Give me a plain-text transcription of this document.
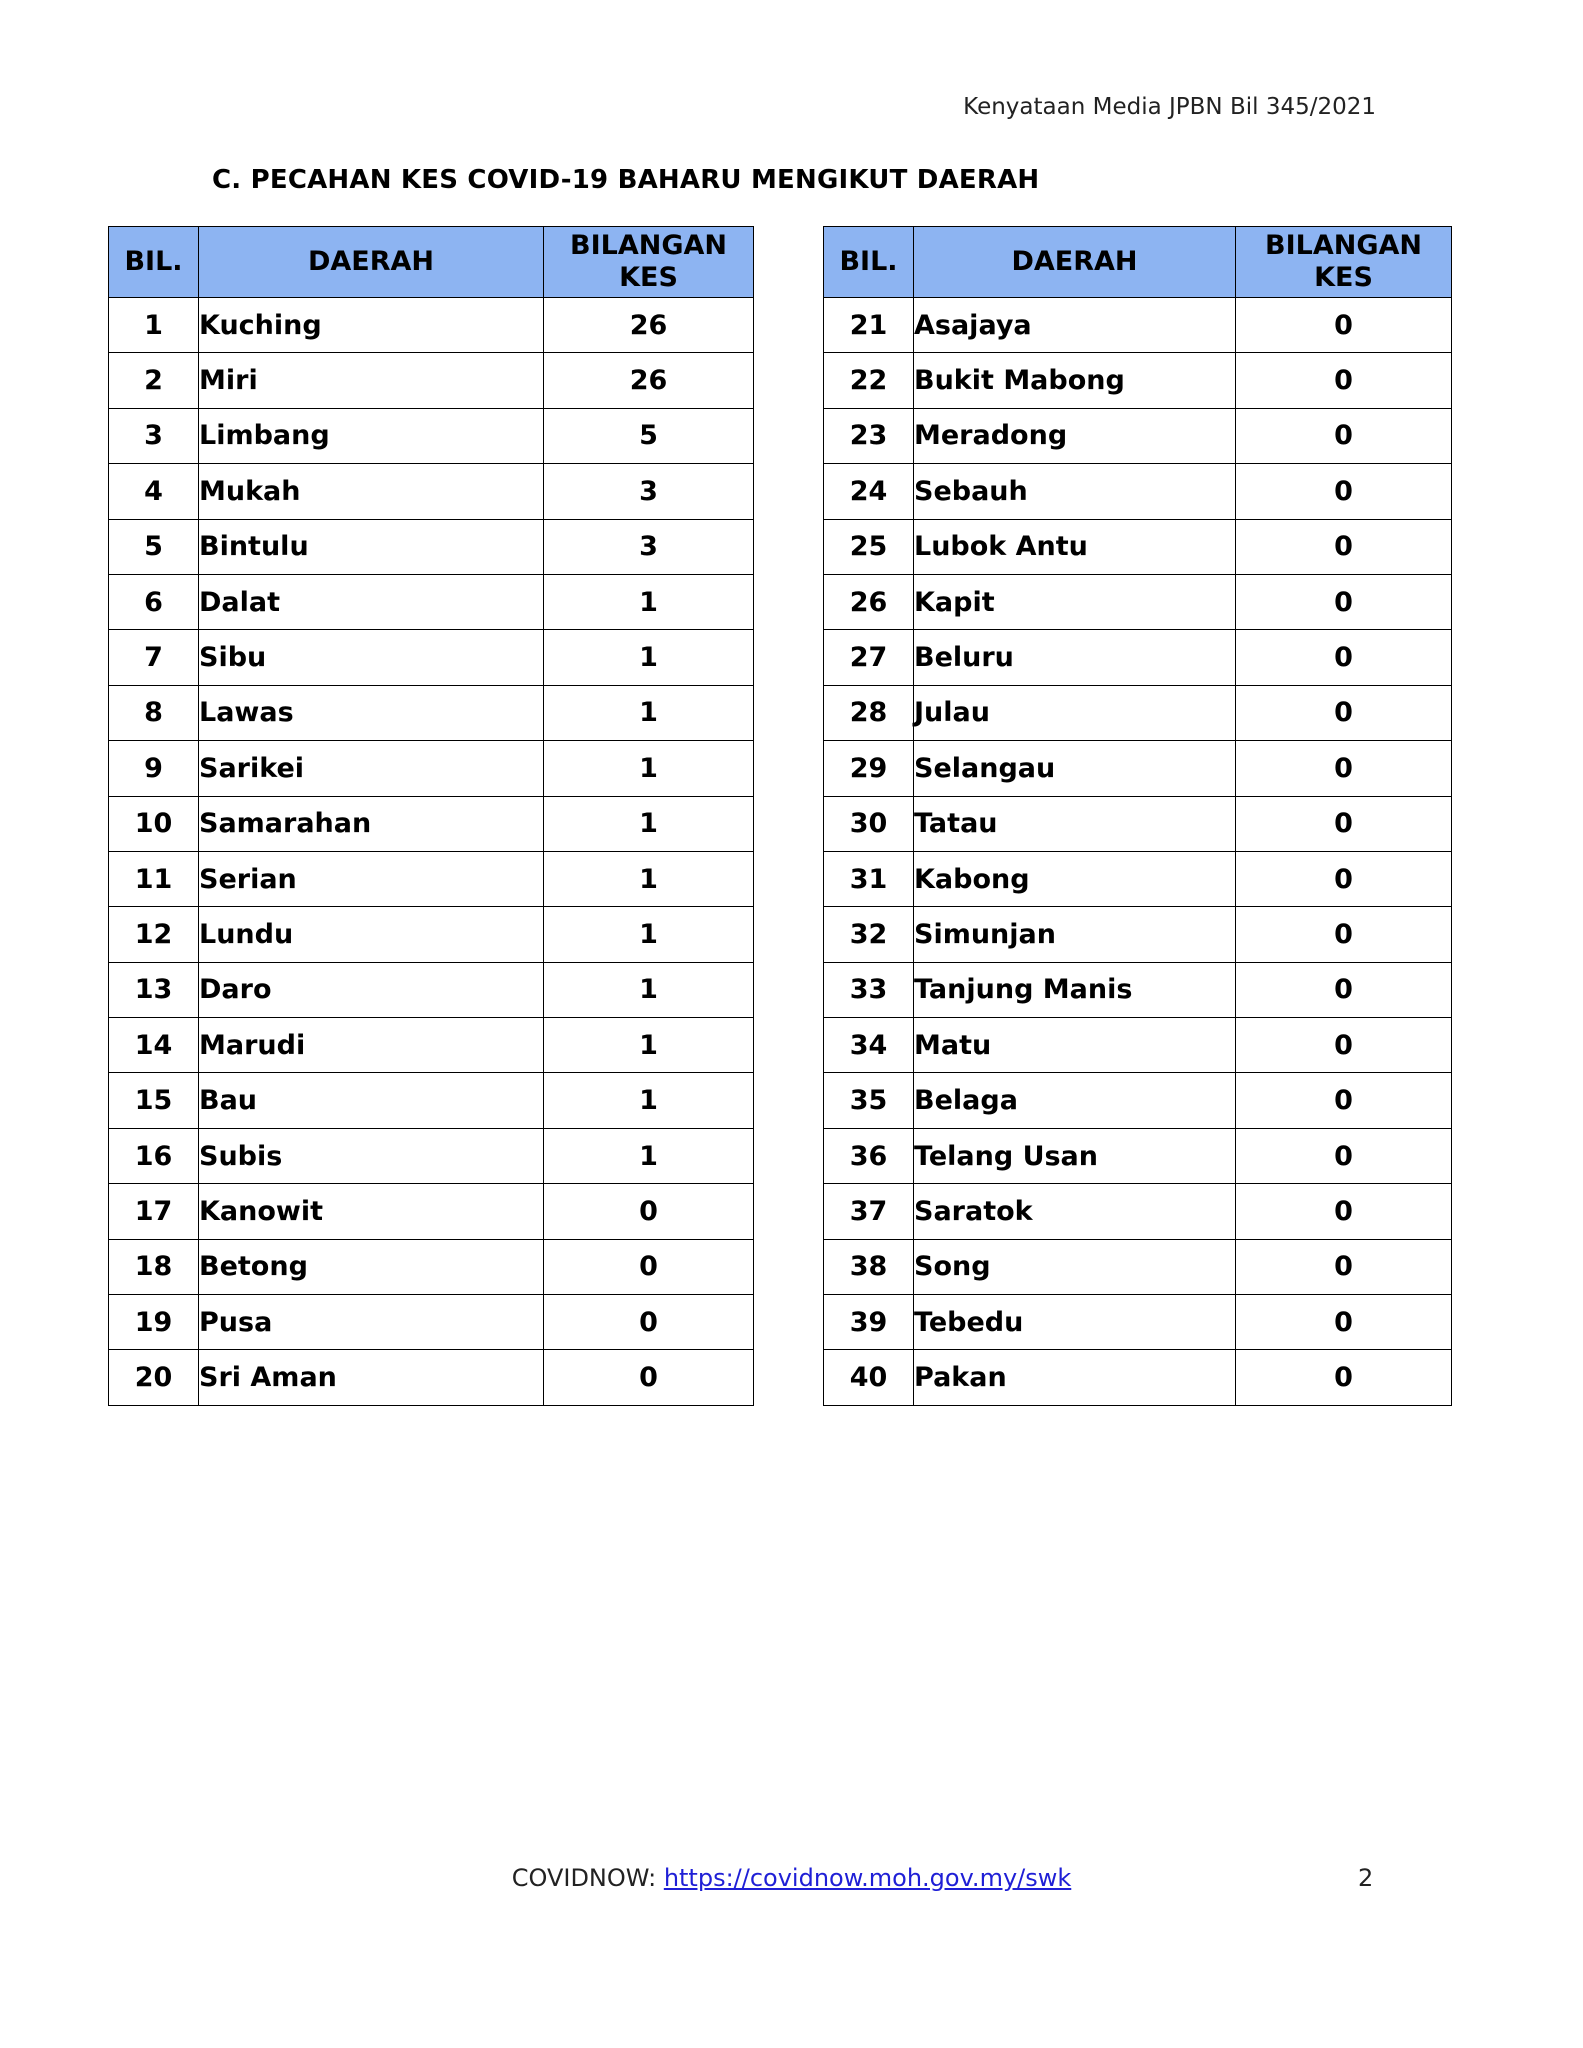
Kenyataan Media JPBN Bil 345/2021
C. PECAHAN KES COVID-19 BAHARU MENGIKUT DAERAH
BIL.	DAERAH	BILANGAN
KES
1	Kuching	26
2	Miri	26
3	Limbang	5
4	Mukah	3
5	Bintulu	3
6	Dalat	1
7	Sibu	1
8	Lawas	1
9	Sarikei	1
10	Samarahan	1
11	Serian	1
12	Lundu	1
13	Daro	1
14	Marudi	1
15	Bau	1
16	Subis	1
17	Kanowit	0
18	Betong	0
19	Pusa	0
20	Sri Aman	0
BIL.	DAERAH	BILANGAN
KES
21	Asajaya	0
22	Bukit Mabong	0
23	Meradong	0
24	Sebauh	0
25	Lubok Antu	0
26	Kapit	0
27	Beluru	0
28	Julau	0
29	Selangau	0
30	Tatau	0
31	Kabong	0
32	Simunjan	0
33	Tanjung Manis	0
34	Matu	0
35	Belaga	0
36	Telang Usan	0
37	Saratok	0
38	Song	0
39	Tebedu	0
40	Pakan	0
COVIDNOW: https://covidnow.moh.gov.my/swk	2
